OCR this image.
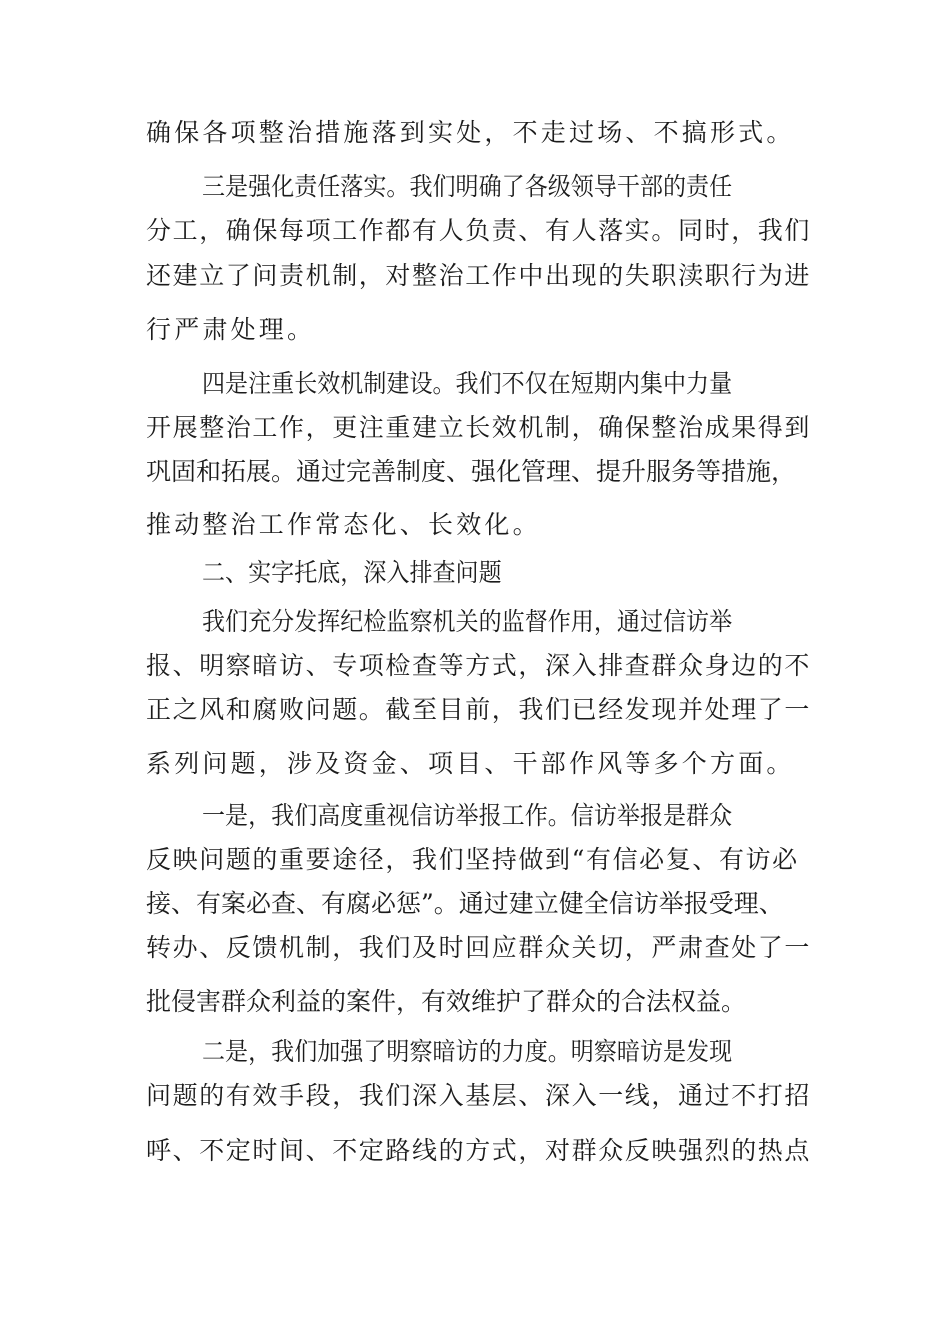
确保各项整治措施落到实处，不走过场、不搞形式。
三是强化责任落实。我们明确了各级领导干部的责任
分工，确保每项工作都有人负责、有人落实。同时，我们
还建立了问责机制，对整治工作中出现的失职渎职行为进
行严肃处理。
四是注重长效机制建设。我们不仅在短期内集中力量
开展整治工作，更注重建立长效机制，确保整治成果得到
巩固和拓展。通过完善制度、强化管理、提升服务等措施，
推动整治工作常态化、长效化。
二、实字托底，深入排查问题
我们充分发挥纪检监察机关的监督作用，通过信访举
报、明察暗访、专项检查等方式，深入排查群众身边的不
正之风和腐败问题。截至目前，我们已经发现并处理了一
系列问题，涉及资金、项目、干部作风等多个方面。
一是，我们高度重视信访举报工作。信访举报是群众
反映问题的重要途径，我们坚持做到“有信必复、有访必
接、有案必查、有腐必惩”。通过建立健全信访举报受理、
转办、反馈机制，我们及时回应群众关切，严肃查处了一
批侵害群众利益的案件，有效维护了群众的合法权益。
二是，我们加强了明察暗访的力度。明察暗访是发现
问题的有效手段，我们深入基层、深入一线，通过不打招
呼、不定时间、不定路线的方式，对群众反映强烈的热点
